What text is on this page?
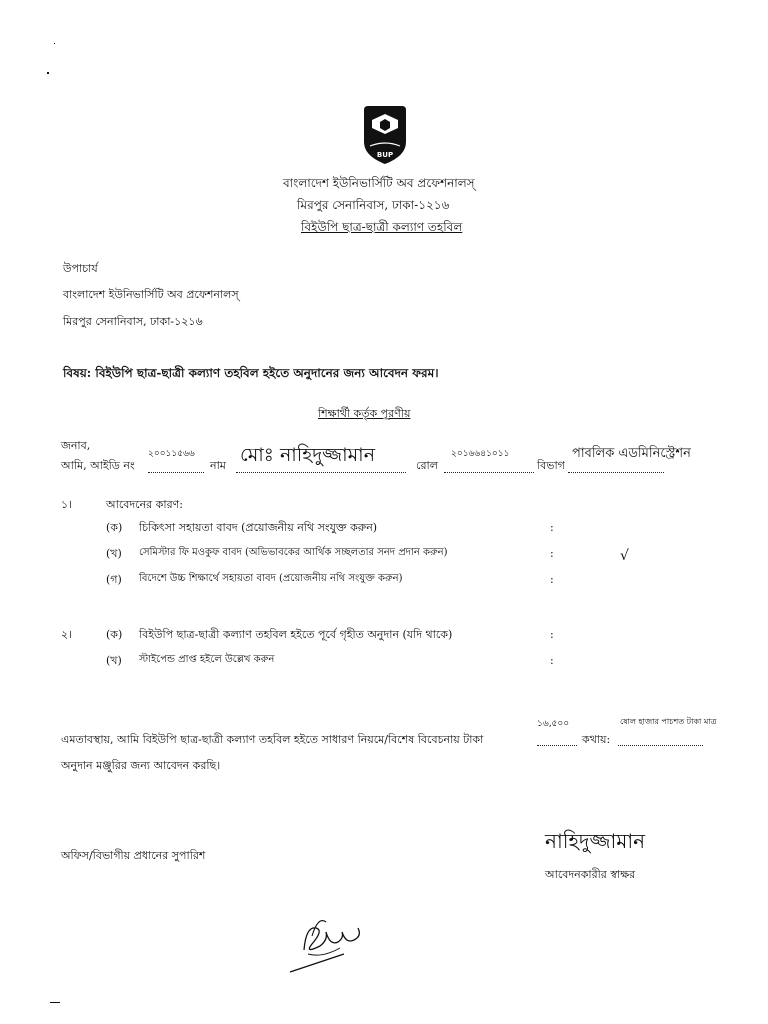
BUP
বাংলাদেশ ইউনিভার্সিটি অব প্রফেশনালস্
মিরপুর সেনানিবাস, ঢাকা-১২১৬
বিইউপি ছাত্র-ছাত্রী কল্যাণ তহবিল
উপাচার্য
বাংলাদেশ ইউনিভার্সিটি অব প্রফেশনালস্
মিরপুর সেনানিবাস, ঢাকা-১২১৬
বিষয়: বিইউপি ছাত্র-ছাত্রী কল্যাণ তহবিল হইতে অনুদানের জন্য আবেদন ফরম।
শিক্ষার্থী কর্তৃক পূরণীয়
জনাব,
আমি, আইডি নং
২০০১১৫৬৬
নাম মোঃ নাহিদুজ্জামান	রোল
২০১৬৬৪১০১১
বিভাগ
পাবলিক এডমিনিস্ট্রেশন
১।	আবেদনের কারণ:
(ক) চিকিৎসা সহায়তা বাবদ (প্রয়োজনীয় নথি সংযুক্ত করুন)	:
(খ) সেমিস্টার ফি মওকুফ বাবদ (অভিভাবকের আর্থিক সচ্ছলতার সনদ প্রদান করুন)	:	√
(গ) বিদেশে উচ্চ শিক্ষার্থে সহায়তা বাবদ (প্রয়োজনীয় নথি সংযুক্ত করুন)	:
২।	(ক) বিইউপি ছাত্র-ছাত্রী কল্যাণ তহবিল হইতে পূর্বে গৃহীত অনুদান (যদি থাকে)	:
(খ) স্টাইপেন্ড প্রাপ্ত হইলে উল্লেখ করুন	:
১৬,৫০০	ষোল হাজার পাচশত টাকা মাত্র
এমতাবস্থায়, আমি বিইউপি ছাত্র-ছাত্রী কল্যাণ তহবিল হইতে সাধারণ নিয়মে/বিশেষ বিবেচনায় টাকা	কথায়:
অনুদান মঞ্জুরির জন্য আবেদন করছি।
অফিস/বিভাগীয় প্রধানের সুপারিশ
নাহিদুজ্জামান
আবেদনকারীর স্বাক্ষর
